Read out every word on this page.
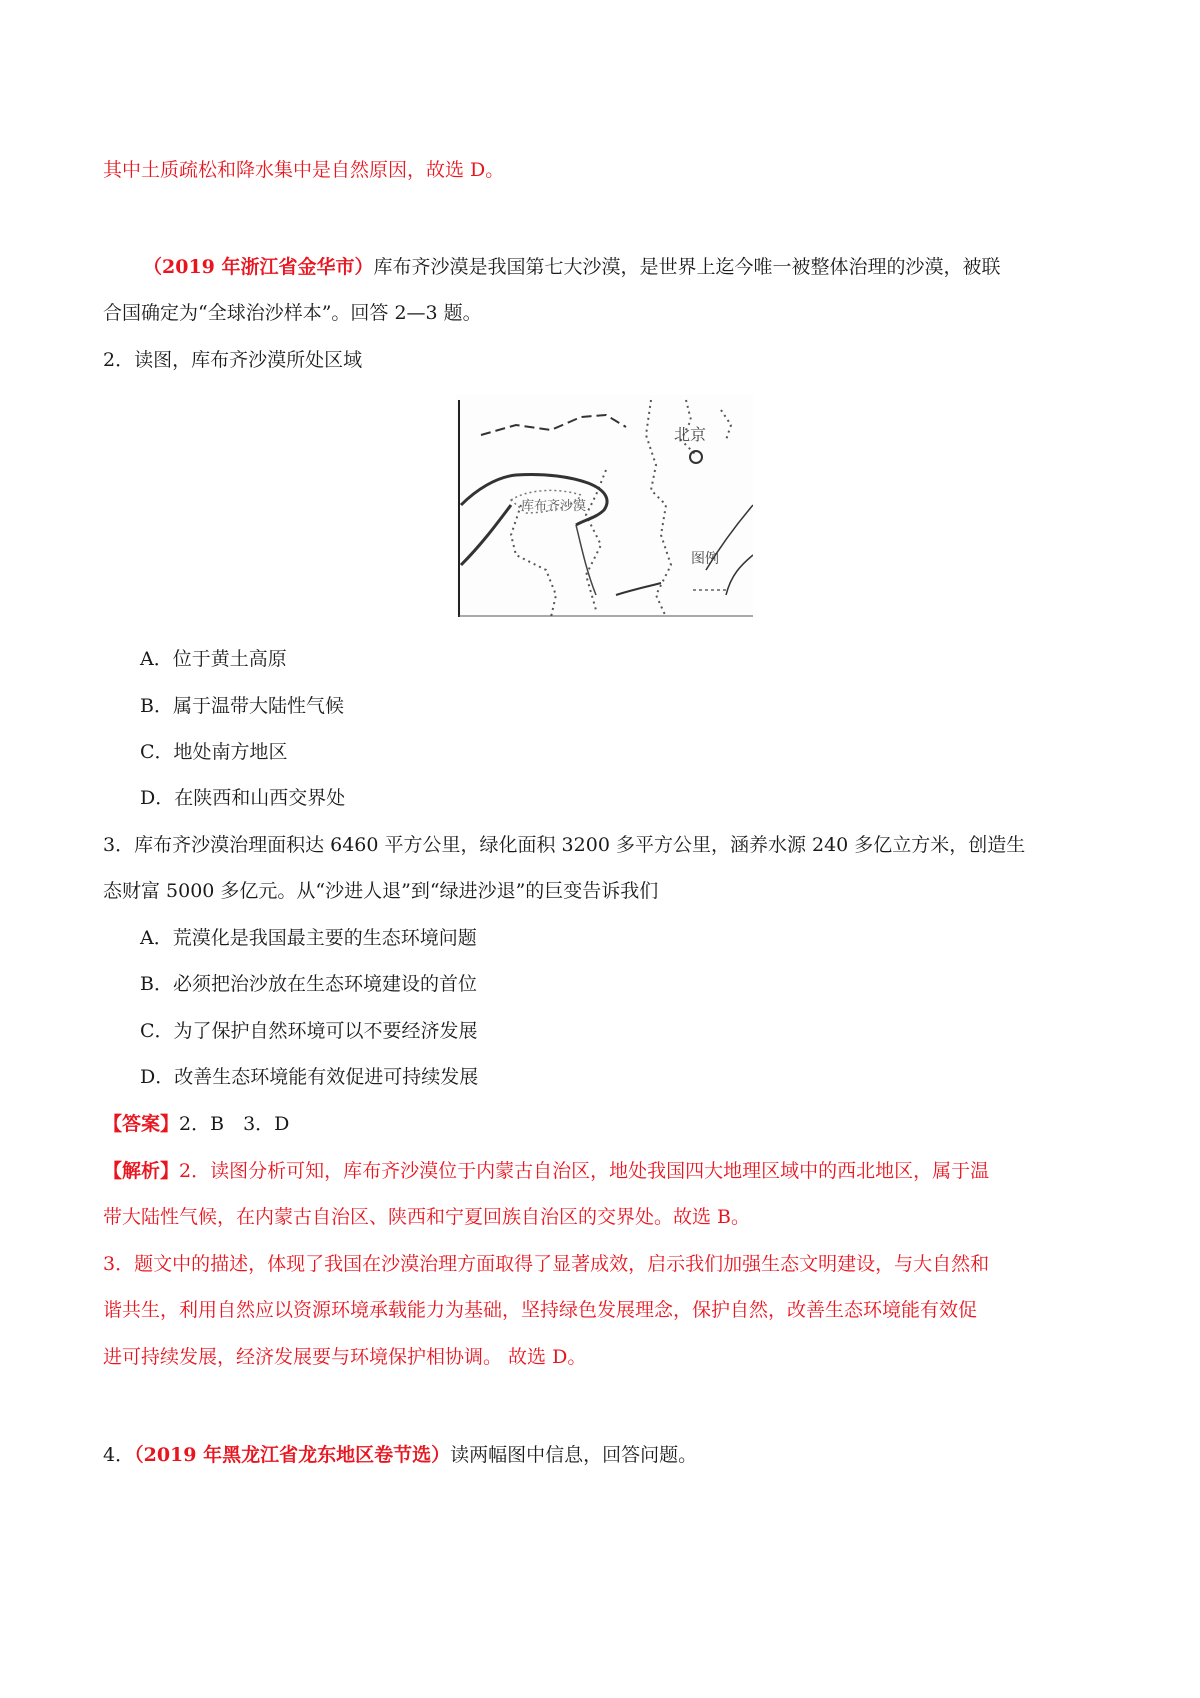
其中土质疏松和降水集中是自然原因，故选 D。
（2019 年浙江省金华市）库布齐沙漠是我国第七大沙漠，是世界上迄今唯一被整体治理的沙漠，被联
合国确定为“全球治沙样本”。回答 2—3 题。
2．读图，库布齐沙漠所处区域
库布齐沙漠
北京
图例
A．位于黄土高原
B．属于温带大陆性气候
C．地处南方地区
D．在陕西和山西交界处
3．库布齐沙漠治理面积达 6460 平方公里，绿化面积 3200 多平方公里，涵养水源 240 多亿立方米，创造生
态财富 5000 多亿元。从“沙进人退”到“绿进沙退”的巨变告诉我们
A．荒漠化是我国最主要的生态环境问题
B．必须把治沙放在生态环境建设的首位
C．为了保护自然环境可以不要经济发展
D．改善生态环境能有效促进可持续发展
【答案】2．B　3．D
【解析】2．读图分析可知，库布齐沙漠位于内蒙古自治区，地处我国四大地理区域中的西北地区，属于温
带大陆性气候，在内蒙古自治区、陕西和宁夏回族自治区的交界处。故选 B。
3．题文中的描述，体现了我国在沙漠治理方面取得了显著成效，启示我们加强生态文明建设，与大自然和
谐共生，利用自然应以资源环境承载能力为基础，坚持绿色发展理念，保护自然，改善生态环境能有效促
进可持续发展，经济发展要与环境保护相协调。 故选 D。
4．（2019 年黑龙江省龙东地区卷节选）读两幅图中信息，回答问题。
